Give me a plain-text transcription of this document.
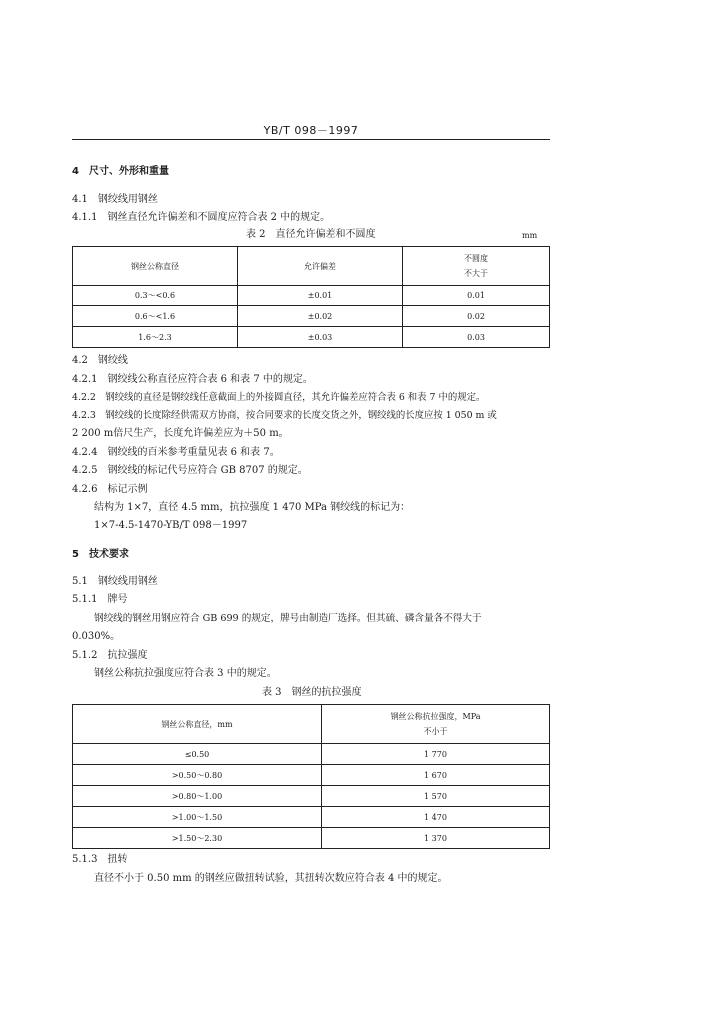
YB/T 098－1997
4　尺寸、外形和重量
4.1　钢绞线用钢丝
4.1.1　钢丝直径允许偏差和不圆度应符合表 2 中的规定。
表 2　直径允许偏差和不圆度	mm
钢丝公称直径	允许偏差	不圆度
不大于

0.3～<0.6	±0.01	0.01
0.6～<1.6	±0.02	0.02
1.6～2.3	±0.03	0.03
4.2　钢绞线
4.2.1　钢绞线公称直径应符合表 6 和表 7 中的规定。
4.2.2　钢绞线的直径是钢绞线任意截面上的外接圆直径，其允许偏差应符合表 6 和表 7 中的规定。
4.2.3　钢绞线的长度除经供需双方协商，按合同要求的长度交货之外，钢绞线的长度应按 1 050 m 或
2 200 m倍尺生产，长度允许偏差应为＋50 m。
4.2.4　钢绞线的百米参考重量见表 6 和表 7。
4.2.5　钢绞线的标记代号应符合 GB 8707 的规定。
4.2.6　标记示例
结构为 1×7，直径 4.5 mm，抗拉强度 1 470 MPa 钢绞线的标记为：
1×7-4.5-1470-YB/T 098－1997
5　技术要求
5.1　钢绞线用钢丝
5.1.1　牌号
钢绞线的钢丝用钢应符合 GB 699 的规定，牌号由制造厂选择。但其硫、磷含量各不得大于
0.030%。
5.1.2　抗拉强度
钢丝公称抗拉强度应符合表 3 中的规定。
表 3　钢丝的抗拉强度
钢丝公称直径，mm	钢丝公称抗拉强度，MPa
不小于

≤0.50	1 770
>0.50～0.80	1 670
>0.80～1.00	1 570
>1.00～1.50	1 470
>1.50～2.30	1 370
5.1.3　扭转
直径不小于 0.50 mm 的钢丝应做扭转试验，其扭转次数应符合表 4 中的规定。
